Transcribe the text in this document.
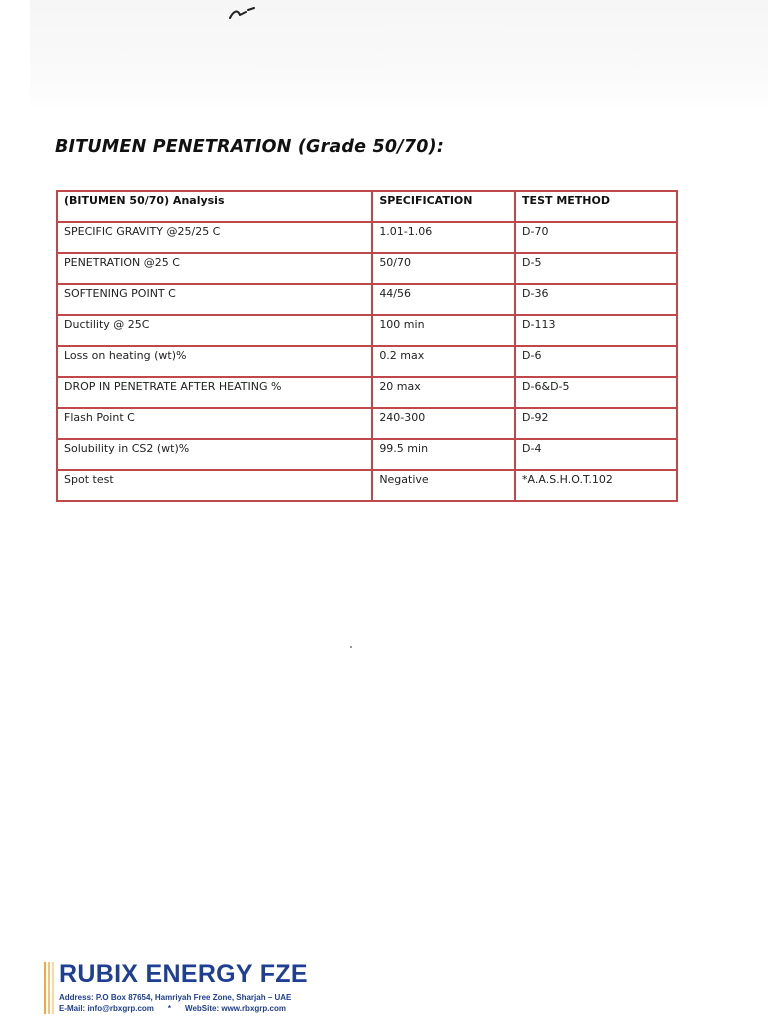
BITUMEN PENETRATION (Grade 50/70):
(BITUMEN 50/70) Analysis	SPECIFICATION	TEST METHOD
SPECIFIC GRAVITY @25/25 C	1.01-1.06	D-70
PENETRATION @25 C	50/70	D-5
SOFTENING POINT C	44/56	D-36
Ductility @ 25C	100 min	D-113
Loss on heating (wt)%	0.2 max	D-6
DROP IN PENETRATE AFTER HEATING %	20 max	D-6&D-5
Flash Point C	240-300	D-92
Solubility in CS2 (wt)%	99.5 min	D-4
Spot test	Negative	*A.A.S.H.O.T.102
RUBIX ENERGY FZE
Address: P.O Box 87654, Hamriyah Free Zone, Sharjah – UAE
E-Mail: info@rbxgrp.com * WebSite: www.rbxgrp.com
